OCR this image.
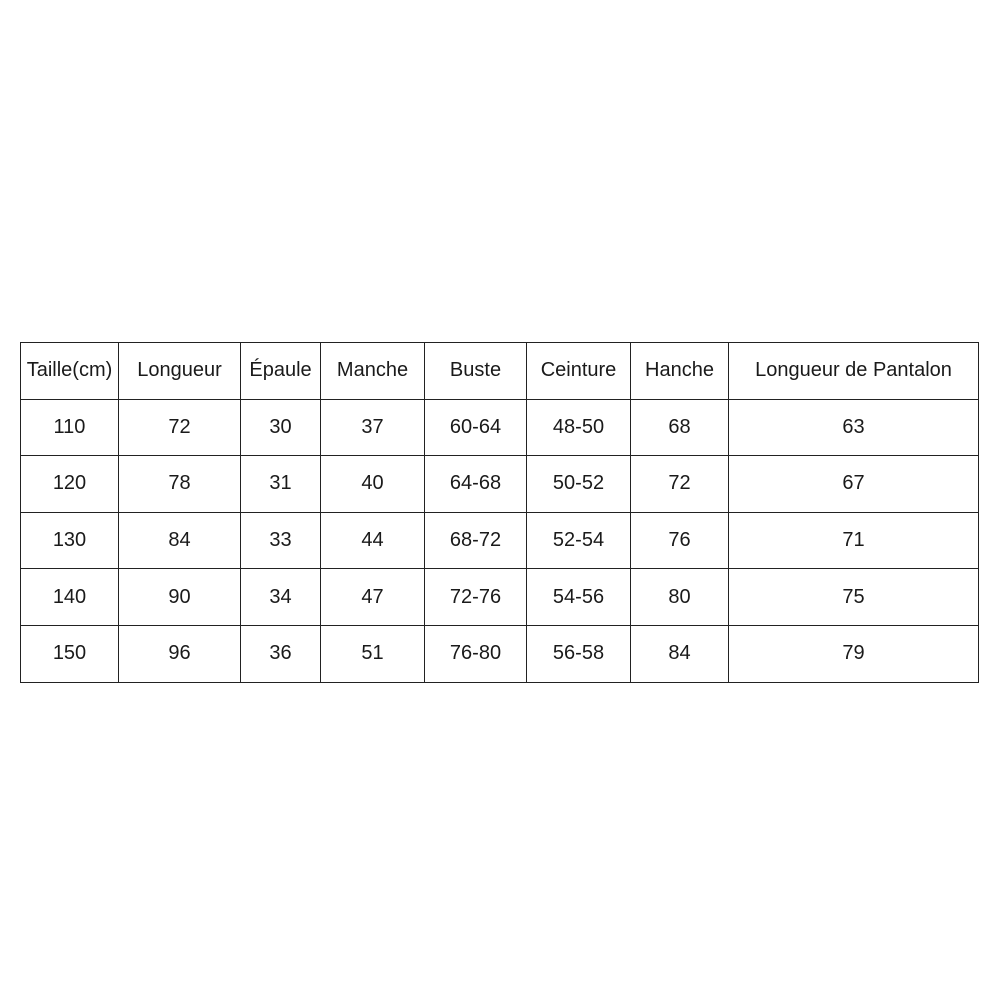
Taille(cm)	Longueur	Épaule	Manche	Buste	Ceinture	Hanche	Longueur de Pantalon
110	72	30	37	60-64	48-50	68	63
120	78	31	40	64-68	50-52	72	67
130	84	33	44	68-72	52-54	76	71
140	90	34	47	72-76	54-56	80	75
150	96	36	51	76-80	56-58	84	79
